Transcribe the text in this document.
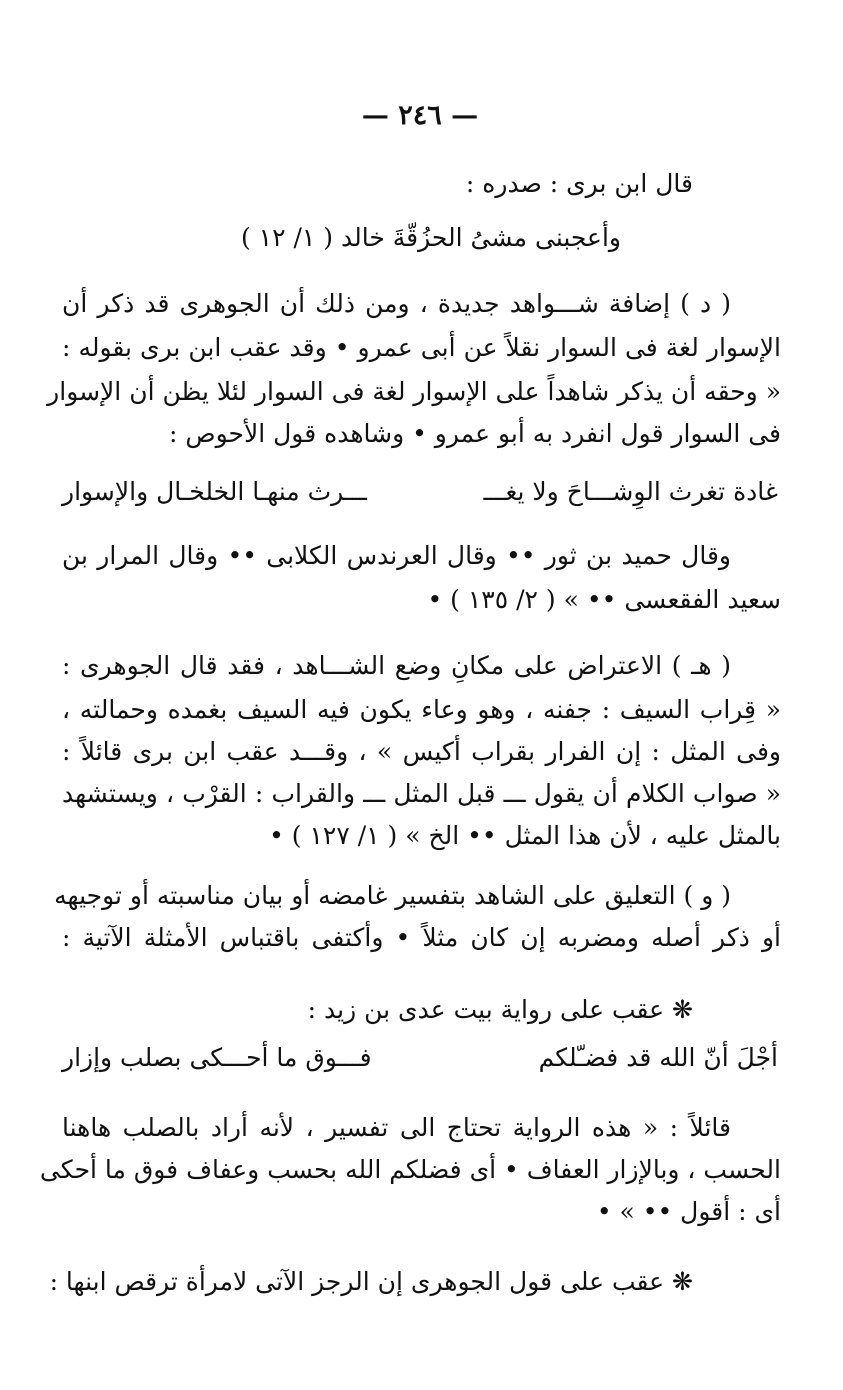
— ٢٤٦ —
قال ابن برى : صدره :
وأعجبنى مشىُ الحزُقّةَ خالد ( ١/ ١٢ )
( د ) إضافة شـــواهد جديدة ، ومن ذلك أن الجوهرى قد ذكر أن
الإسوار لغة فى السوار نقلاً عن أبى عمرو • وقد عقب ابن برى بقوله :
« وحقه أن يذكر شاهداً على الإسوار لغة فى السوار لئلا يظن أن الإسوار
فى السوار قول انفرد به أبو عمرو • وشاهده قول الأحوص :
غادة تغرث الوِشـــاحَ ولا يغـــ
ـــرث منهـا الخلخـال والإسوار
وقال حميد بن ثور •• وقال العرندس الكلابى •• وقال المرار بن
سعيد الفقعسى •• » ( ٢/ ١٣٥ ) •
( هـ ) الاعتراض على مكانِ وضع الشـــاهد ، فقد قال الجوهرى :
« قِراب السيف : جفنه ، وهو وعاء يكون فيه السيف بغمده وحمالته ،
وفى المثل : إن الفرار بقراب أكيس » ، وقـــد عقب ابن برى قائلاً :
« صواب الكلام أن يقول ـــ قبل المثل ـــ والقراب : القرْب ، ويستشهد
بالمثل عليه ، لأن هذا المثل •• الخ » ( ١/ ١٢٧ ) •
( و ) التعليق على الشاهد بتفسير غامضه أو بيان مناسبته أو توجيهه
أو ذكر أصله ومضربه إن كان مثلاً • وأكتفى باقتباس الأمثلة الآتية :
❋ عقب على رواية بيت عدى بن زيد :
أجْلَ أنّ الله قد فضـّلكم
فـــوق ما أحـــكى بصلب وإزار
قائلاً : « هذه الرواية تحتاج الى تفسير ، لأنه أراد بالصلب هاهنا
الحسب ، وبالإزار العفاف • أى فضلكم الله بحسب وعفاف فوق ما أحكى
أى : أقول •• » •
❋ عقب على قول الجوهرى إن الرجز الآتى لامرأة ترقص ابنها :
